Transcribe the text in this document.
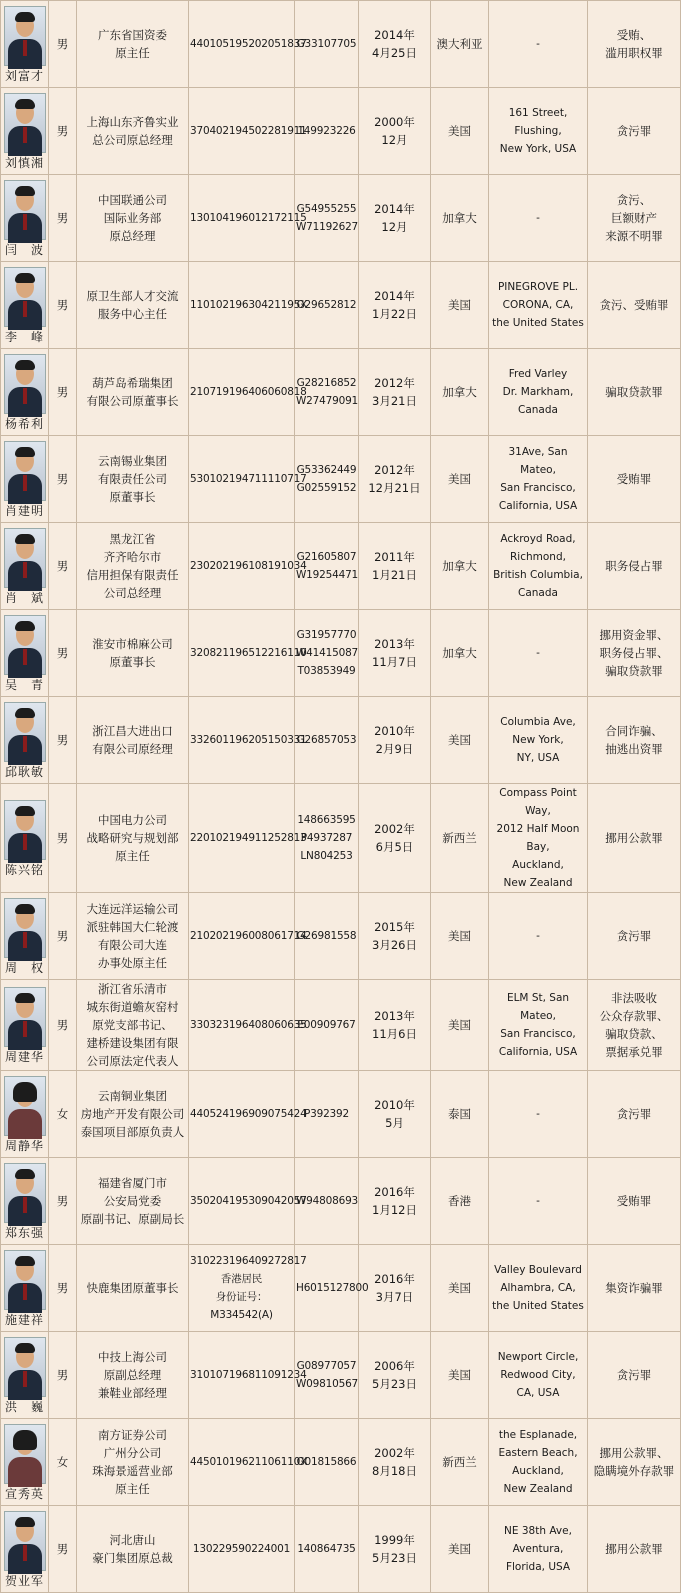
刘富才	男	广东省国资委
原主任	440105195202051837	G33107705	2014年
4月25日	澳大利亚	-	受贿、
滥用职权罪

刘慎湘	男	上海山东齐鲁实业
总公司原总经理	370402194502281911	149923226	2000年
12月	美国	161 Street,
Flushing,
New York, USA	贪污罪

闫　波	男	中国联通公司
国际业务部
原总经理	130104196012172115	G54955255
W71192627	2014年
12月	加拿大	-	贪污、
巨额财产
来源不明罪

李　峰	男	原卫生部人才交流
服务中心主任	11010219630421195X	G29652812	2014年
1月22日	美国	PINEGROVE PL.
CORONA, CA,
the United States	贪污、受贿罪

杨希利	男	葫芦岛希瑞集团
有限公司原董事长	210719196406060818	G28216852
W27479091	2012年
3月21日	加拿大	Fred Varley
Dr. Markham,
Canada	骗取贷款罪

肖建明	男	云南锡业集团
有限责任公司
原董事长	530102194711110717	G53362449
G02559152	2012年
12月21日	美国	31Ave, San Mateo,
San Francisco,
California, USA	受贿罪

肖　斌	男	黑龙江省
齐齐哈尔市
信用担保有限责任
公司总经理	230202196108191034	G21605807
W19254471	2011年
1月21日	加拿大	Ackroyd Road,
Richmond,
British Columbia,
Canada	职务侵占罪

吴　青	男	淮安市棉麻公司
原董事长	320821196512216110	G31957770
W41415087
T03853949	2013年
11月7日	加拿大	-	挪用资金罪、
职务侵占罪、
骗取贷款罪

邱耿敏	男	浙江昌大进出口
有限公司原经理	332601196205150331	G26857053	2010年
2月9日	美国	Columbia Ave,
New York,
NY, USA	合同诈骗、
抽逃出资罪

陈兴铭	男	中国电力公司
战略研究与规划部
原主任	220102194911252813	148663595
P4937287
LN804253	2002年
6月5日	新西兰	Compass Point Way,
2012 Half Moon Bay,
Auckland,
New Zealand	挪用公款罪

周　权	男	大连远洋运输公司
派驻韩国大仁轮渡
有限公司大连
办事处原主任	210202196008061714	G26981558	2015年
3月26日	美国	-	贪污罪

周建华	男	浙江省乐清市
城东街道蟾灰窑村
原党支部书记、
建桥建设集团有限
公司原法定代表人	330323196408060635	E00909767	2013年
11月6日	美国	ELM St, San Mateo,
San Francisco,
California, USA	非法吸收
公众存款罪、
骗取贷款、
票据承兑罪

周静华	女	云南铜业集团
房地产开发有限公司
泰国项目部原负责人	440524196909075424	P392392	2010年
5月	泰国	-	贪污罪

郑东强	男	福建省厦门市
公安局党委
原副书记、原副局长	350204195309042057	W94808693	2016年
1月12日	香港	-	受贿罪

施建祥	男	快鹿集团原董事长	310223196409272817
香港居民
身份证号：
M334542(A)	H6015127800	2016年
3月7日	美国	Valley Boulevard
Alhambra, CA,
the United States	集资诈骗罪

洪　巍	男	中技上海公司
原副总经理
兼鞋业部经理	310107196811091234	G08977057
W09810567	2006年
5月23日	美国	Newport Circle,
Redwood City,
CA, USA	贪污罪

宣秀英	女	南方证券公司
广州分公司
珠海景遥营业部
原主任	44501019621106110X	G01815866	2002年
8月18日	新西兰	the Esplanade,
Eastern Beach,
Auckland,
New Zealand	挪用公款罪、
隐瞒境外存款罪

贺业军	男	河北唐山
豪门集团原总裁	130229590224001	140864735	1999年
5月23日	美国	NE 38th Ave,
Aventura,
Florida, USA	挪用公款罪
